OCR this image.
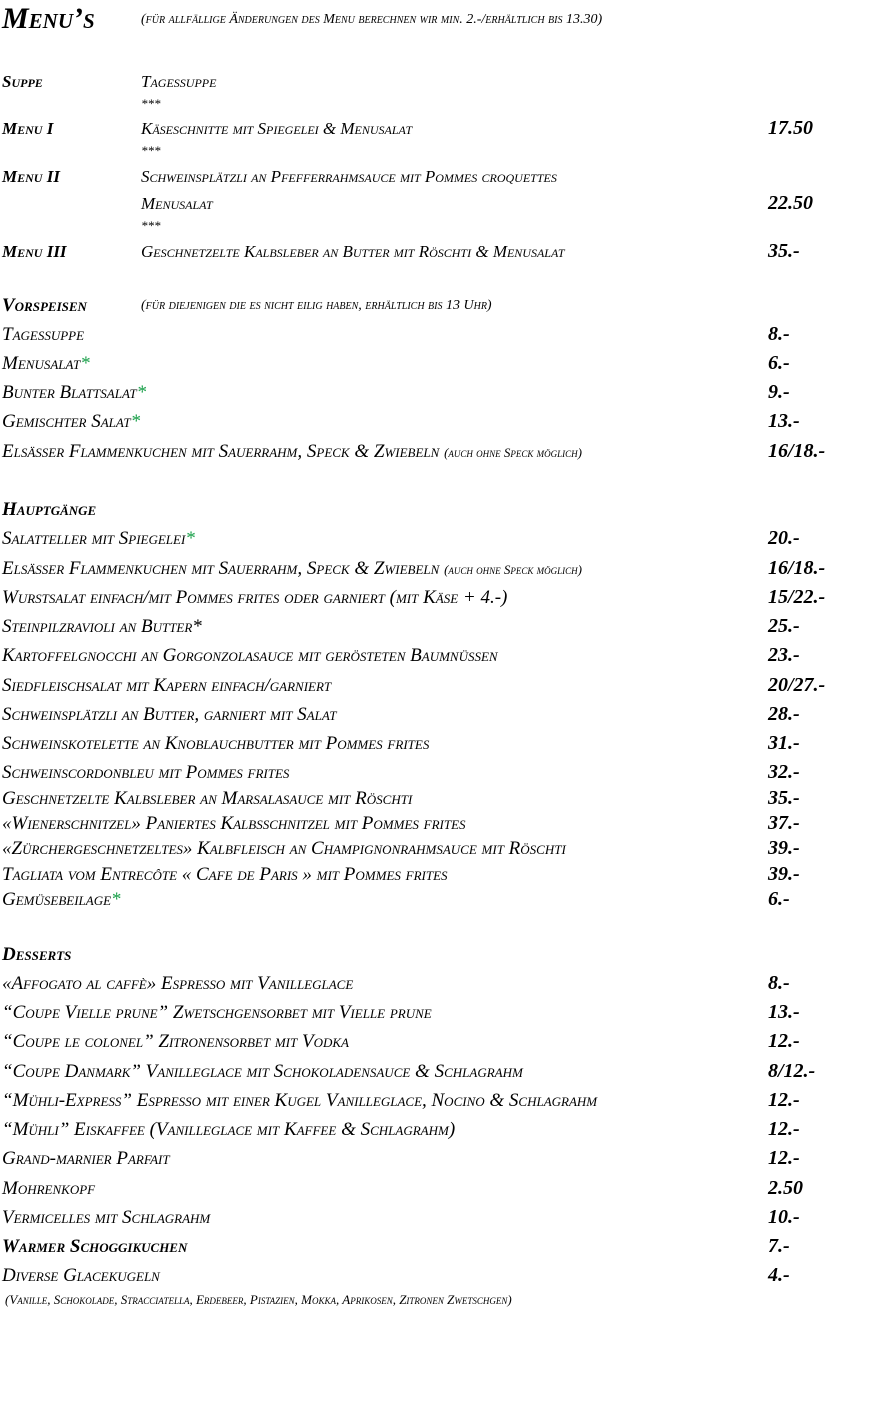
Menu’s	(für allfällige Änderungen des Menu berechnen wir min. 2.-/erhältlich bis 13.30)
Suppe	Tagessuppe
***
Menu I	Käseschnitte mit Spiegelei & Menusalat	17.50
***
Menu II	Schweinsplätzli an Pfefferrahmsauce mit Pommes croquettes
Menusalat	22.50
***
Menu III	Geschnetzelte Kalbsleber an Butter mit Röschti & Menusalat	35.-
Vorspeisen	(für diejenigen die es nicht eilig haben, erhältlich bis 13 Uhr)
Tagessuppe	8.-
Menusalat*	6.-
Bunter Blattsalat*	9.-
Gemischter Salat*	13.-
Elsässer Flammenkuchen mit Sauerrahm, Speck & Zwiebeln (auch ohne Speck möglich)	16/18.-
Hauptgänge
Salatteller mit Spiegelei*	20.-
Elsässer Flammenkuchen mit Sauerrahm, Speck & Zwiebeln (auch ohne Speck möglich)	16/18.-
Wurstsalat einfach/mit Pommes frites oder garniert (mit Käse + 4.-)	15/22.-
Steinpilzravioli an Butter*	25.-
Kartoffelgnocchi an Gorgonzolasauce mit gerösteten Baumnüssen	23.-
Siedfleischsalat mit Kapern einfach/garniert	20/27.-
Schweinsplätzli an Butter, garniert mit Salat	28.-
Schweinskotelette an Knoblauchbutter mit Pommes frites	31.-
Schweinscordonbleu mit Pommes frites	32.-
Geschnetzelte Kalbsleber an Marsalasauce mit Röschti	35.-
«Wienerschnitzel» Paniertes Kalbsschnitzel mit Pommes frites	37.-
«Zürchergeschnetzeltes» Kalbfleisch an Champignonrahmsauce mit Röschti	39.-
Tagliata vom Entrecôte « Cafe de Paris » mit Pommes frites	39.-
Gemüsebeilage*	6.-
Desserts
«Affogato al caffè» Espresso mit Vanilleglace	8.-
“Coupe Vielle prune” Zwetschgensorbet mit Vielle prune	13.-
“Coupe le colonel” Zitronensorbet mit Vodka	12.-
“Coupe Danmark” Vanilleglace mit Schokoladensauce & Schlagrahm	8/12.-
“Mühli-Express” Espresso mit einer Kugel Vanilleglace, Nocino & Schlagrahm	12.-
“Mühli” Eiskaffee (Vanilleglace mit Kaffee & Schlagrahm)	12.-
Grand-marnier Parfait	12.-
Mohrenkopf	2.50
Vermicelles mit Schlagrahm	10.-
Warmer Schoggikuchen	7.-
Diverse Glacekugeln	4.-
(Vanille, Schokolade, Stracciatella, Erdebeer, Pistazien, Mokka, Aprikosen, Zitronen Zwetschgen)
